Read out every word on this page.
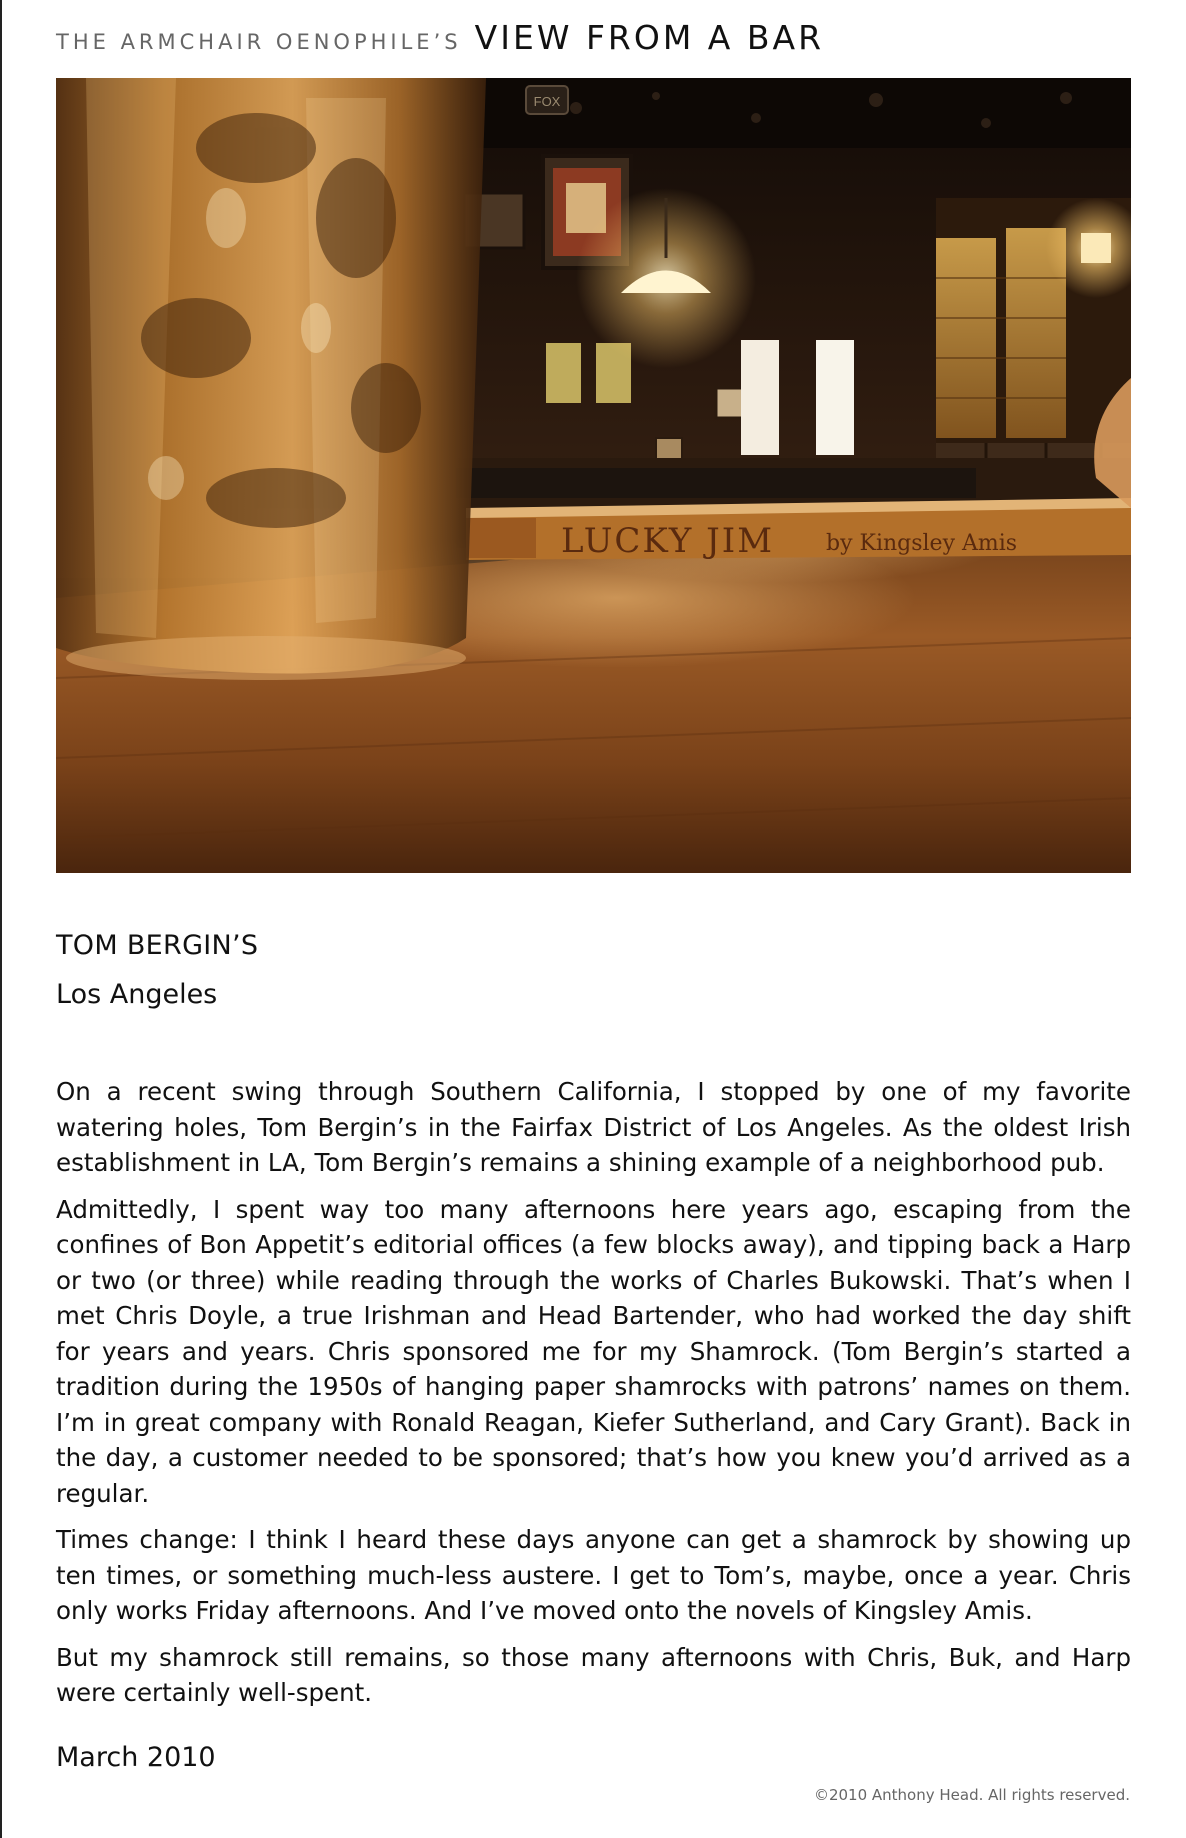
THE ARMCHAIR OENOPHILE’S VIEW FROM A BAR
FOX
LUCKY JIM by Kingsley Amis
TOM BERGIN’S
Los Angeles

On a recent swing through Southern California, I stopped by one of my favorite watering holes, Tom Bergin’s in the Fairfax District of Los Angeles. As the oldest Irish establishment in LA, Tom Bergin’s remains a shining example of a neighborhood pub.

Admittedly, I spent way too many afternoons here years ago, escaping from the confines of Bon Appetit’s editorial offices (a few blocks away), and tipping back a Harp or two (or three) while reading through the works of Charles Bukowski. That’s when I met Chris Doyle, a true Irishman and Head Bartender, who had worked the day shift for years and years. Chris sponsored me for my Shamrock. (Tom Bergin’s started a tradition during the 1950s of hanging paper shamrocks with patrons’ names on them. I’m in great company with Ronald Reagan, Kiefer Sutherland, and Cary Grant). Back in the day, a customer needed to be sponsored; that’s how you knew you’d arrived as a regular.

Times change: I think I heard these days anyone can get a shamrock by showing up ten times, or something much-less austere. I get to Tom’s, maybe, once a year. Chris only works Friday afternoons. And I’ve moved onto the novels of Kingsley Amis.

But my shamrock still remains, so those many afternoons with Chris, Buk, and Harp were certainly well-spent.

March 2010
©2010 Anthony Head. All rights reserved.
